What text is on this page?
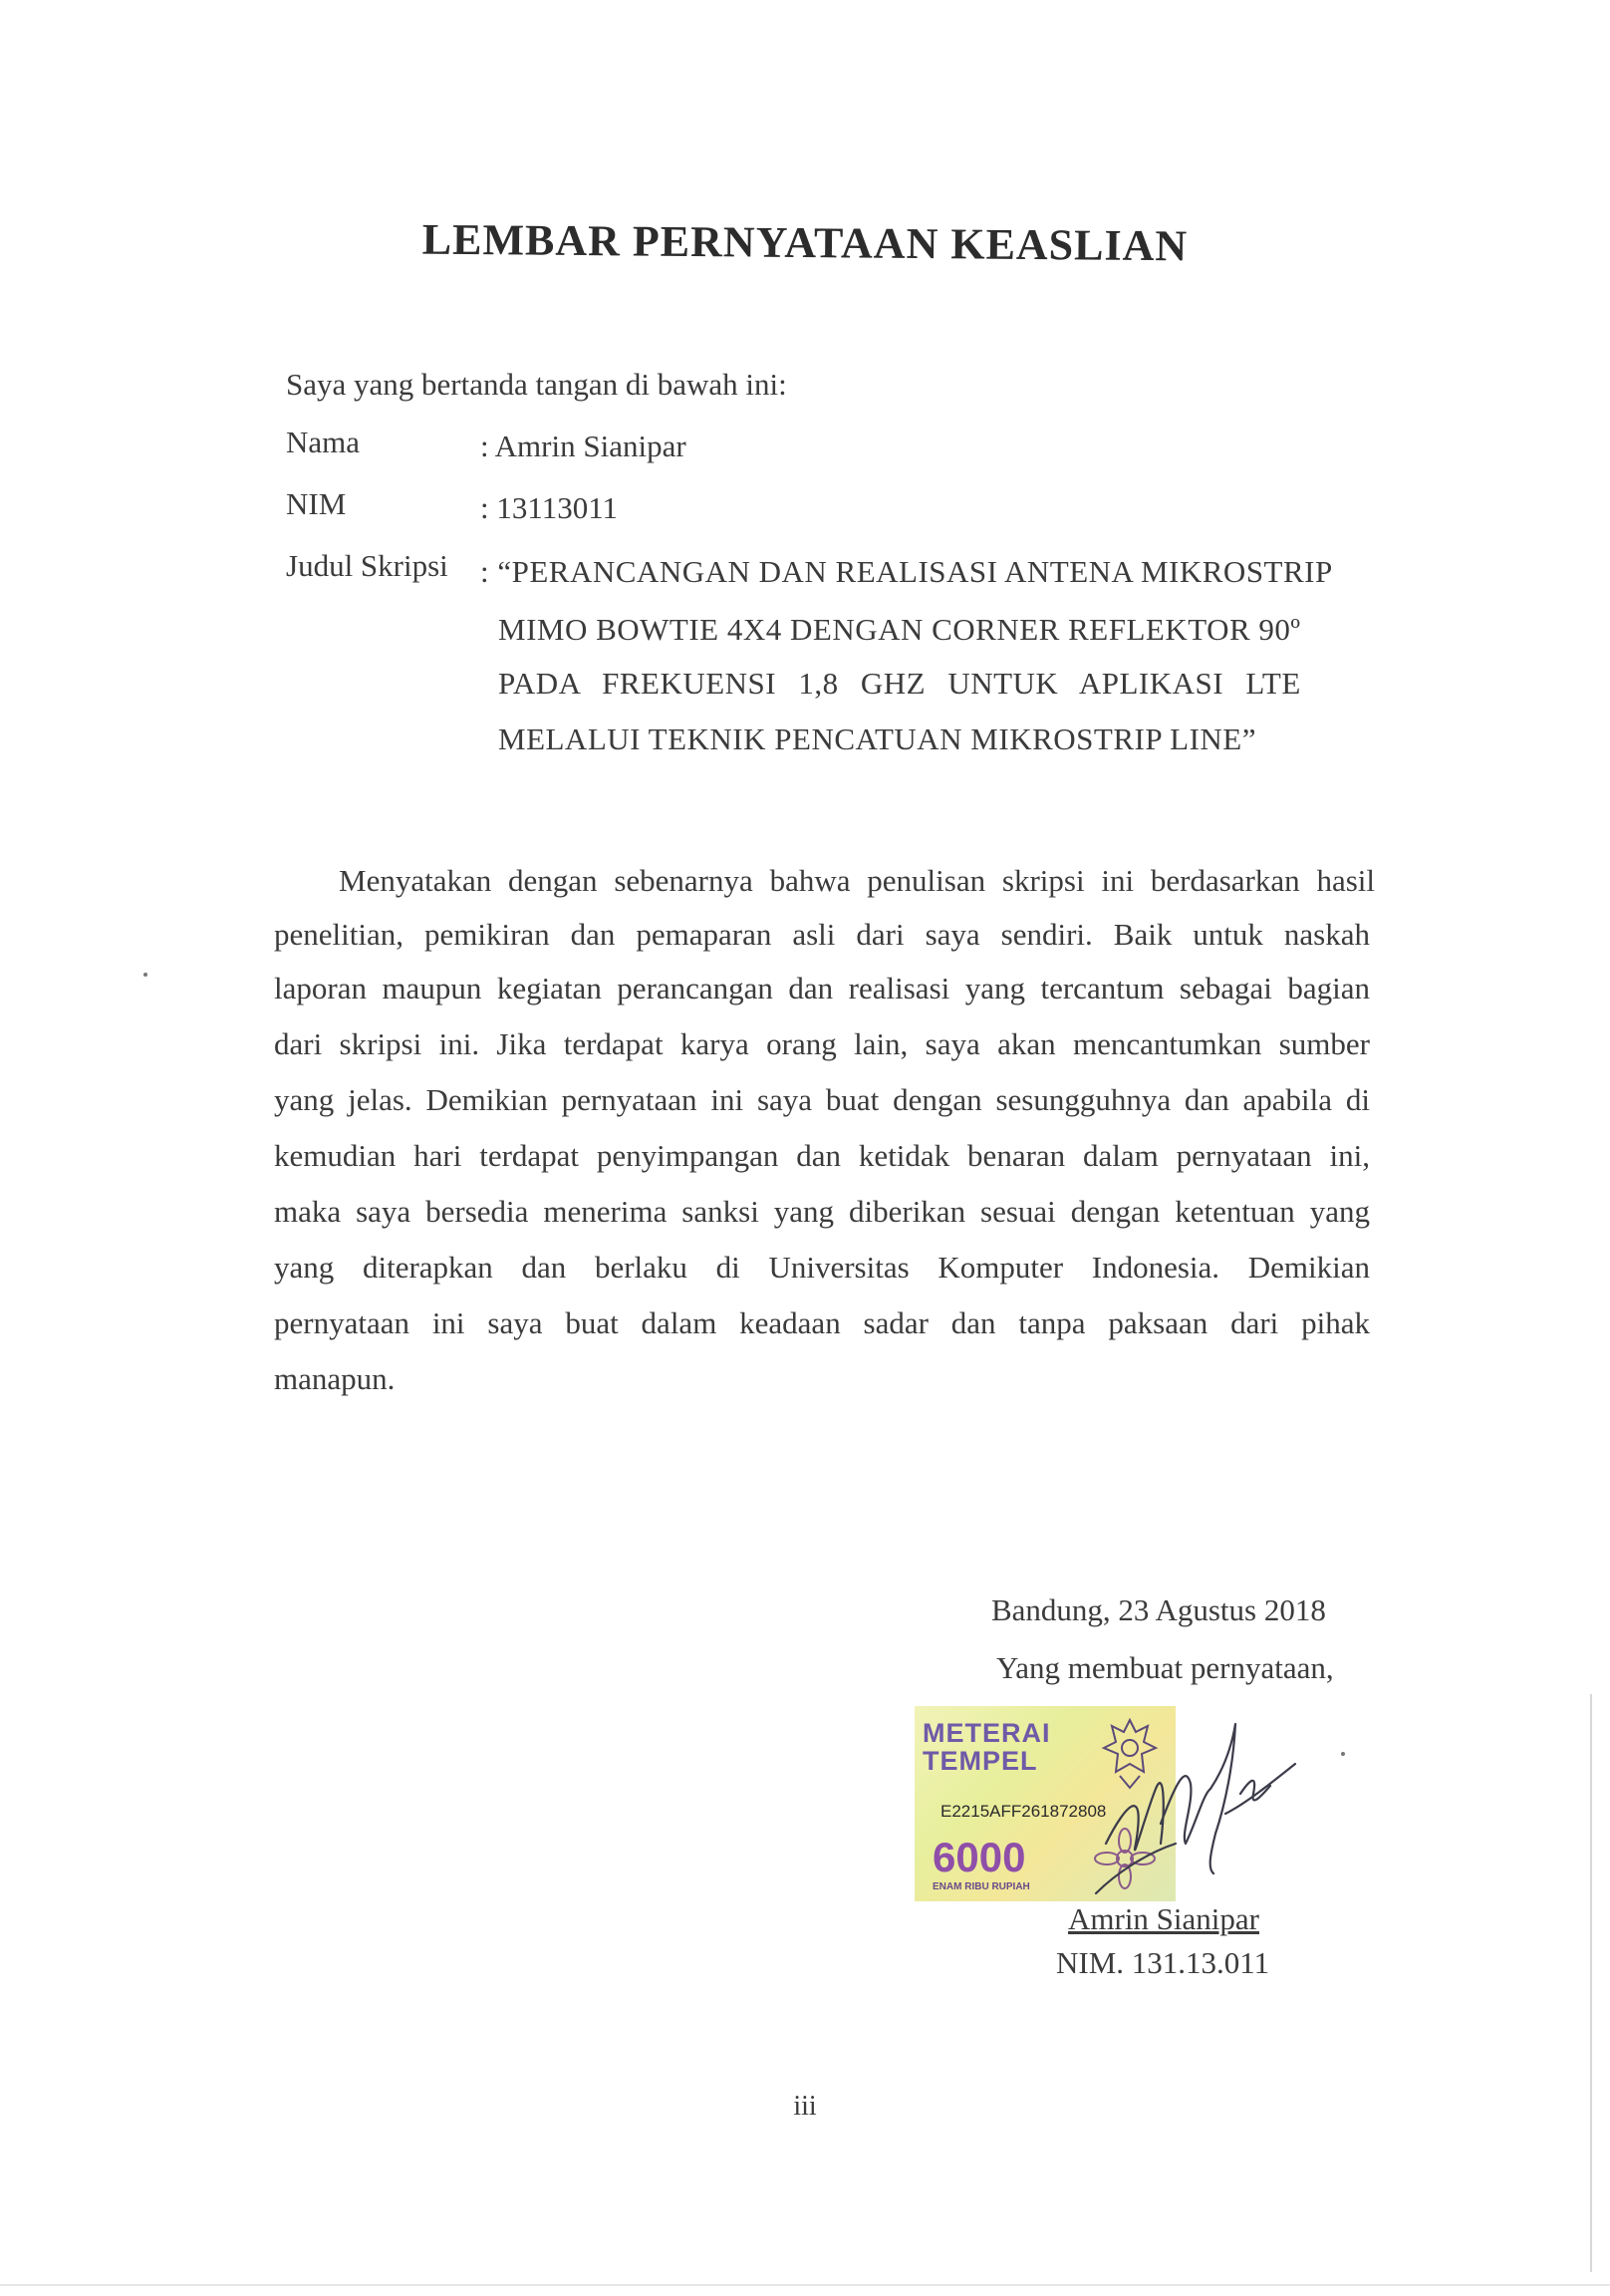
LEMBAR PERNYATAAN KEASLIAN
Saya yang bertanda tangan di bawah ini:
Nama	: Amrin Sianipar
NIM	: 13113011
Judul Skripsi : “PERANCANGAN DAN REALISASI ANTENA MIKROSTRIP
MIMO BOWTIE 4X4 DENGAN CORNER REFLEKTOR 90º
PADA FREKUENSI 1,8 GHZ UNTUK APLIKASI LTE
MELALUI TEKNIK PENCATUAN MIKROSTRIP LINE”
Menyatakan dengan sebenarnya bahwa penulisan skripsi ini berdasarkan hasil
penelitian, pemikiran dan pemaparan asli dari saya sendiri. Baik untuk naskah
laporan maupun kegiatan perancangan dan realisasi yang tercantum sebagai bagian
dari skripsi ini. Jika terdapat karya orang lain, saya akan mencantumkan sumber
yang jelas. Demikian pernyataan ini saya buat dengan sesungguhnya dan apabila di
kemudian hari terdapat penyimpangan dan ketidak benaran dalam pernyataan ini,
maka saya bersedia menerima sanksi yang diberikan sesuai dengan ketentuan yang
yang diterapkan dan berlaku di Universitas Komputer Indonesia. Demikian
pernyataan ini saya buat dalam keadaan sadar dan tanpa paksaan dari pihak
manapun.
Bandung, 23 Agustus 2018
Yang membuat pernyataan,
METERAI
TEMPEL
E2215AFF261872808
6000
ENAM RIBU RUPIAH
Amrin Sianipar
NIM. 131.13.011
iii
